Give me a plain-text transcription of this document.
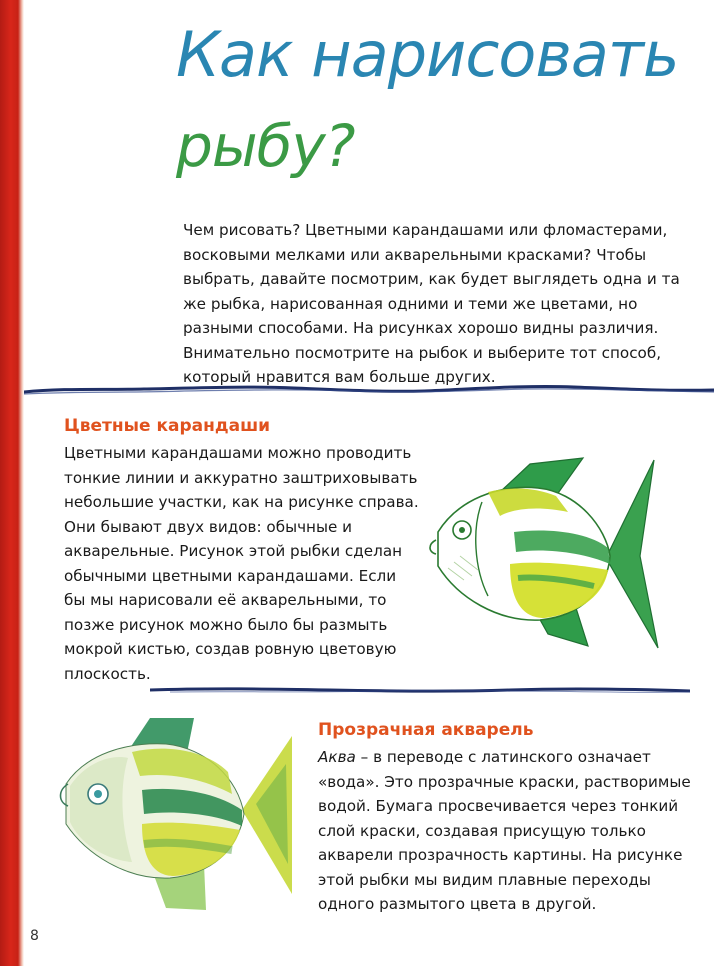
Как нарисовать
рыбу?

Чем рисовать? Цветными карандашами или фломастерами, восковыми мелками или акварельными красками? Чтобы выбрать, давайте посмотрим, как будет выглядеть одна и та же рыбка, нарисованная одними и теми же цветами, но разными способами. На рисунках хорошо видны различия. Внимательно посмотрите на рыбок и выберите тот способ, который нравится вам больше других.

Цветные карандаши

Цветными карандашами можно проводить тонкие линии и аккуратно заштриховывать небольшие участки, как на рисунке справа. Они бывают двух видов: обычные и акварельные. Рисунок этой рыбки сделан обычными цветными карандашами. Если бы мы нарисовали её акварельными, то позже рисунок можно было бы размыть мокрой кистью, создав ровную цветовую плоскость.

Прозрачная акварель

Аква – в переводе с латинского означает «вода». Это прозрачные краски, растворимые водой. Бумага просвечивается через тонкий слой краски, создавая присущую только акварели прозрачность картины. На рисунке этой рыбки мы видим плавные переходы одного размытого цвета в другой.

8
